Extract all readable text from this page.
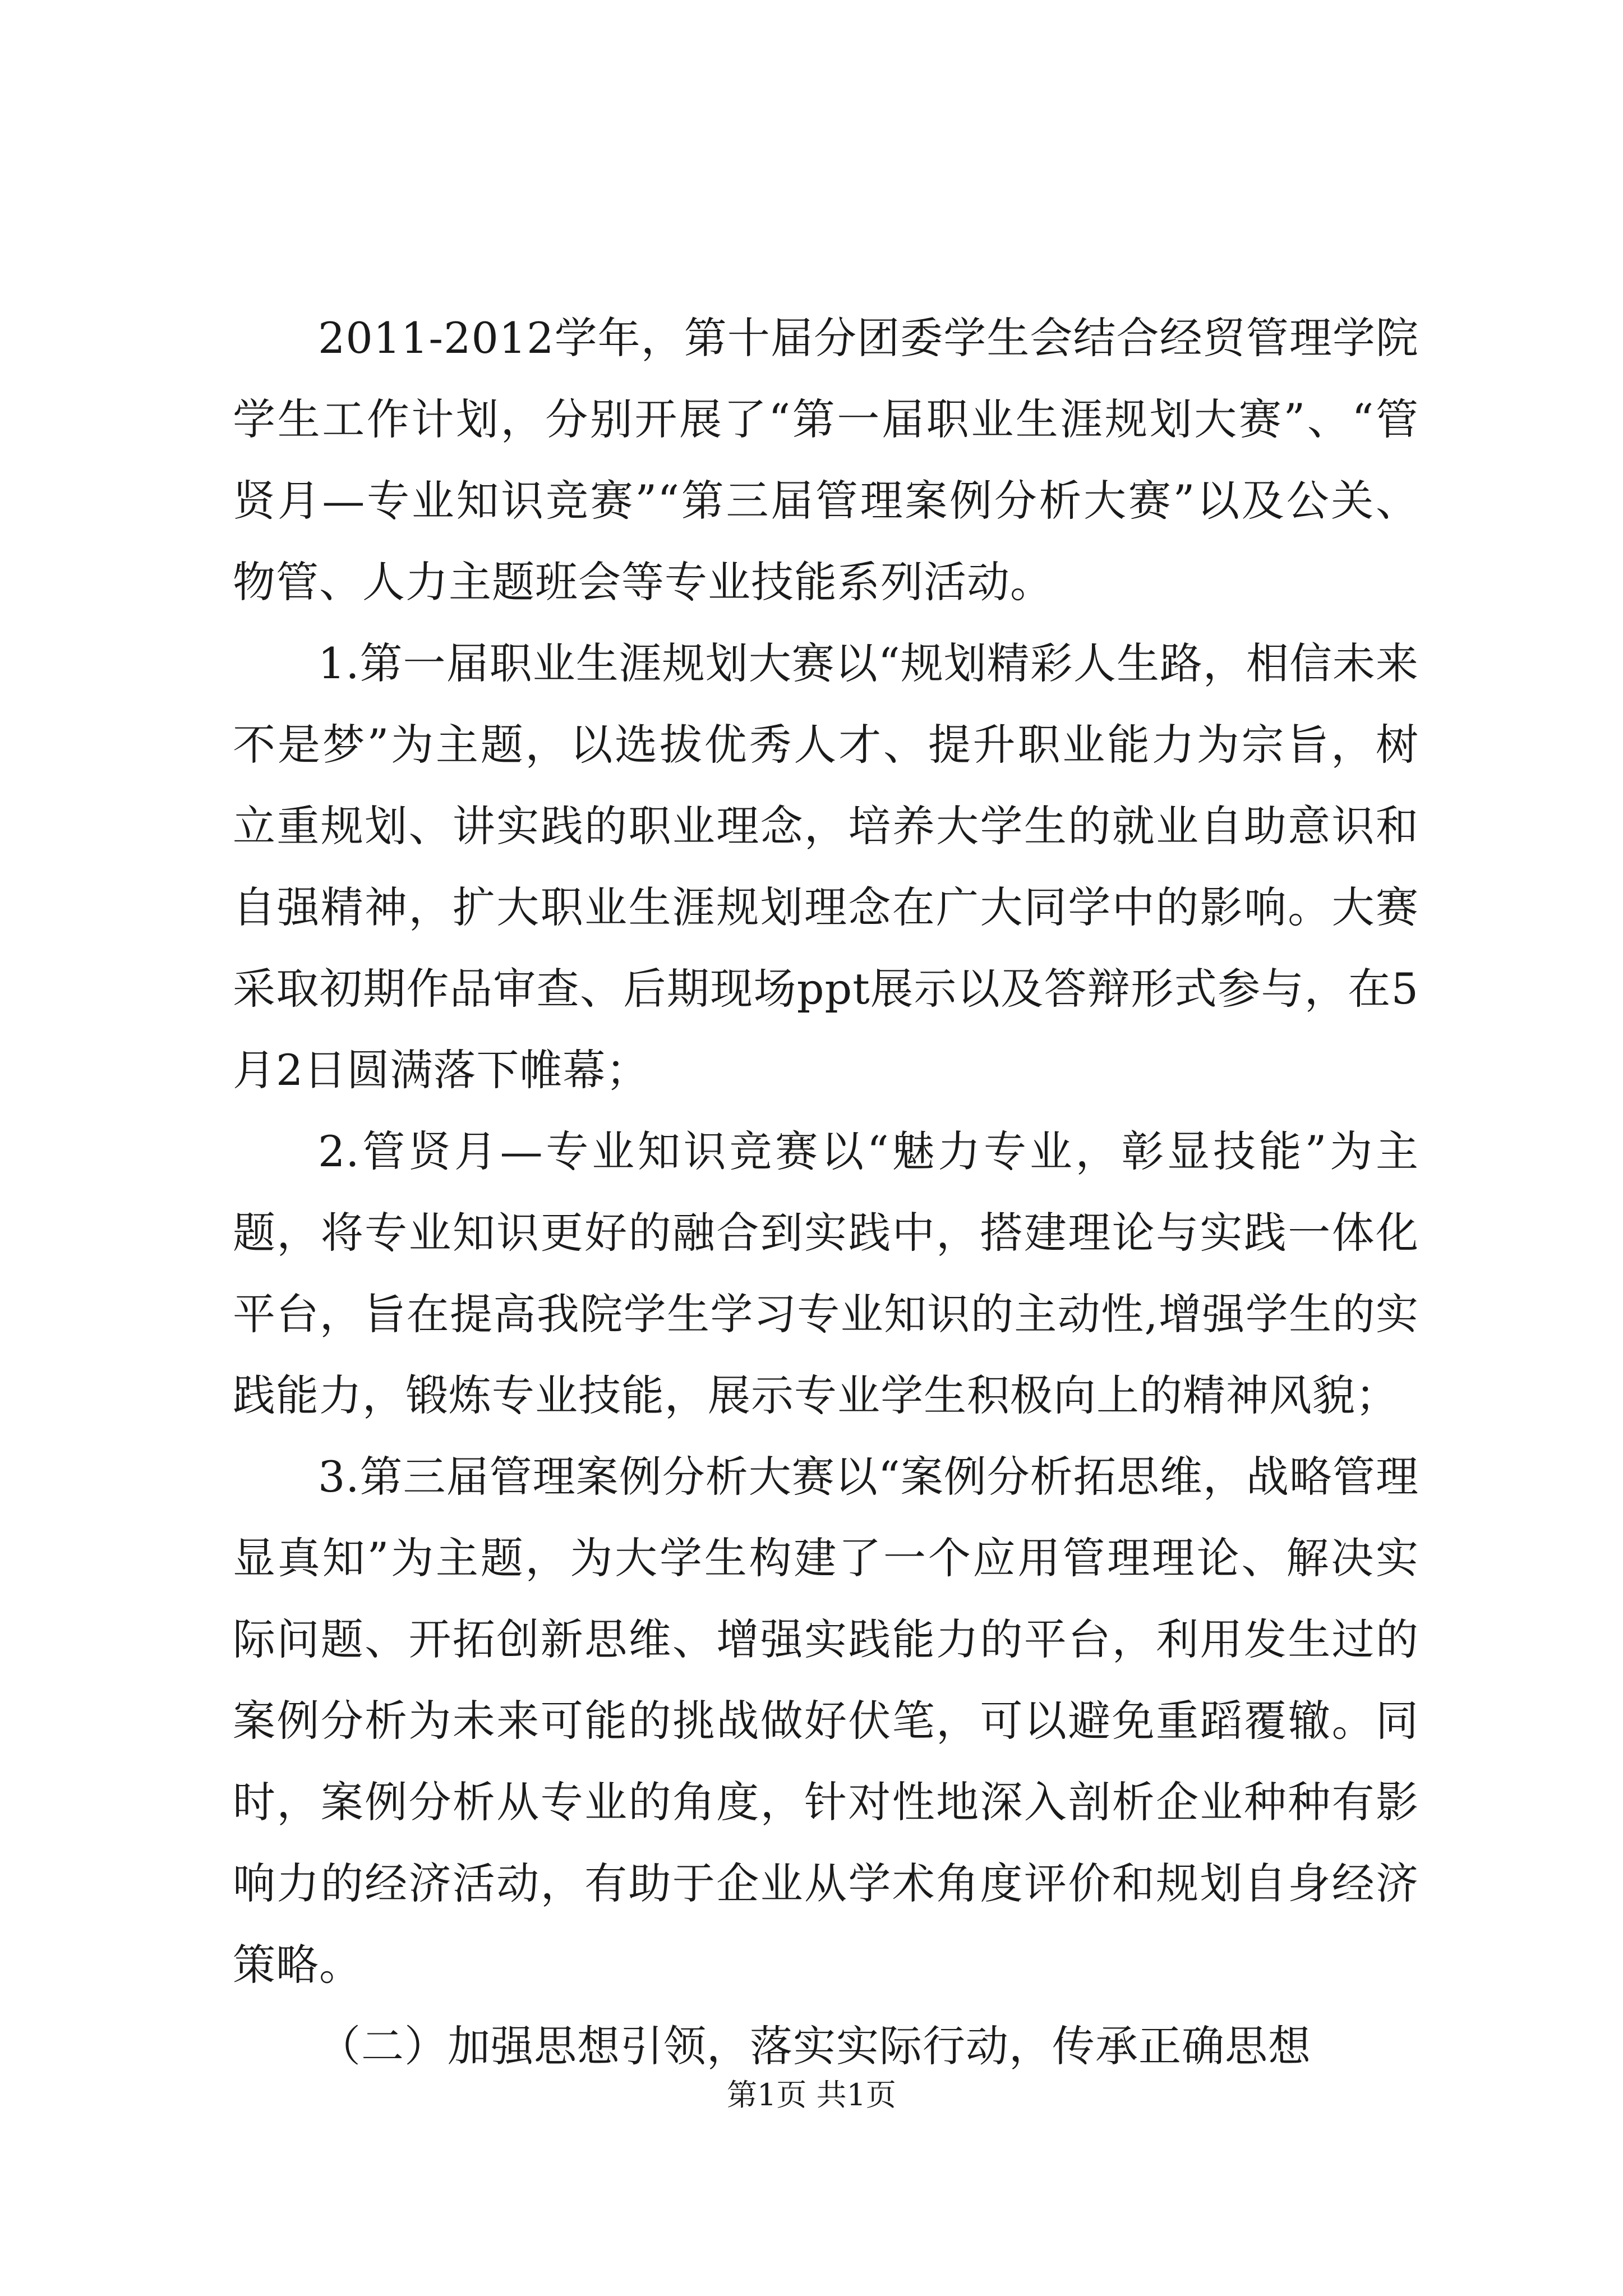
2011-2012学年，第十届分团委学生会结合经贸管理学院学生工作计划，分别开展了“第一届职业生涯规划大赛”、“管贤月—专业知识竞赛”“第三届管理案例分析大赛”以及公关、物管、人力主题班会等专业技能系列活动。

1.第一届职业生涯规划大赛以“规划精彩人生路，相信未来不是梦”为主题，以选拔优秀人才、提升职业能力为宗旨，树立重规划、讲实践的职业理念，培养大学生的就业自助意识和自强精神，扩大职业生涯规划理念在广大同学中的影响。大赛采取初期作品审查、后期现场ppt展示以及答辩形式参与，在5月2日圆满落下帷幕；

2.管贤月—专业知识竞赛以“魅力专业，彰显技能”为主题，将专业知识更好的融合到实践中，搭建理论与实践一体化平台，旨在提高我院学生学习专业知识的主动性,增强学生的实践能力，锻炼专业技能，展示专业学生积极向上的精神风貌；

3.第三届管理案例分析大赛以“案例分析拓思维，战略管理显真知”为主题，为大学生构建了一个应用管理理论、解决实际问题、开拓创新思维、增强实践能力的平台，利用发生过的案例分析为未来可能的挑战做好伏笔，可以避免重蹈覆辙。同时，案例分析从专业的角度，针对性地深入剖析企业种种有影响力的经济活动，有助于企业从学术角度评价和规划自身经济策略。

（二）加强思想引领，落实实际行动，传承正确思想

第1页 共1页
